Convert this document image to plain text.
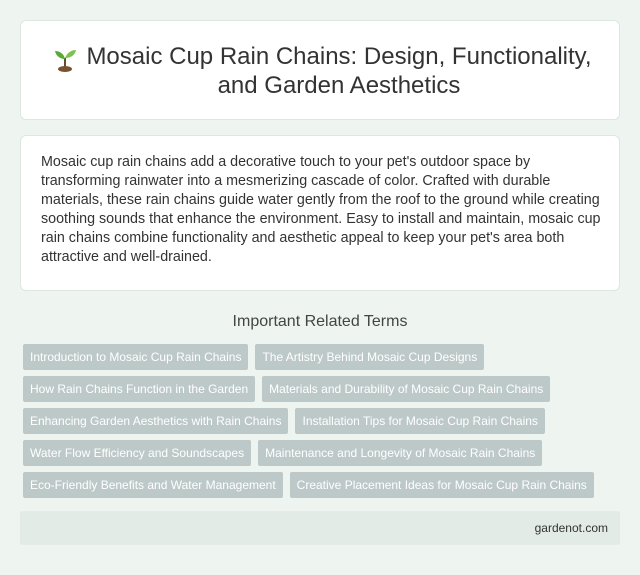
Mosaic Cup Rain Chains: Design, Functionality, and Garden Aesthetics

Mosaic cup rain chains add a decorative touch to your pet's outdoor space by transforming rainwater into a mesmerizing cascade of color. Crafted with durable materials, these rain chains guide water gently from the roof to the ground while creating soothing sounds that enhance the environment. Easy to install and maintain, mosaic cup rain chains combine functionality and aesthetic appeal to keep your pet's area both attractive and well-drained.

Important Related Terms
Introduction to Mosaic Cup Rain Chains	The Artistry Behind Mosaic Cup Designs
How Rain Chains Function in the Garden	Materials and Durability of Mosaic Cup Rain Chains
Enhancing Garden Aesthetics with Rain Chains	Installation Tips for Mosaic Cup Rain Chains
Water Flow Efficiency and Soundscapes	Maintenance and Longevity of Mosaic Rain Chains
Eco-Friendly Benefits and Water Management	Creative Placement Ideas for Mosaic Cup Rain Chains
gardenot.com
